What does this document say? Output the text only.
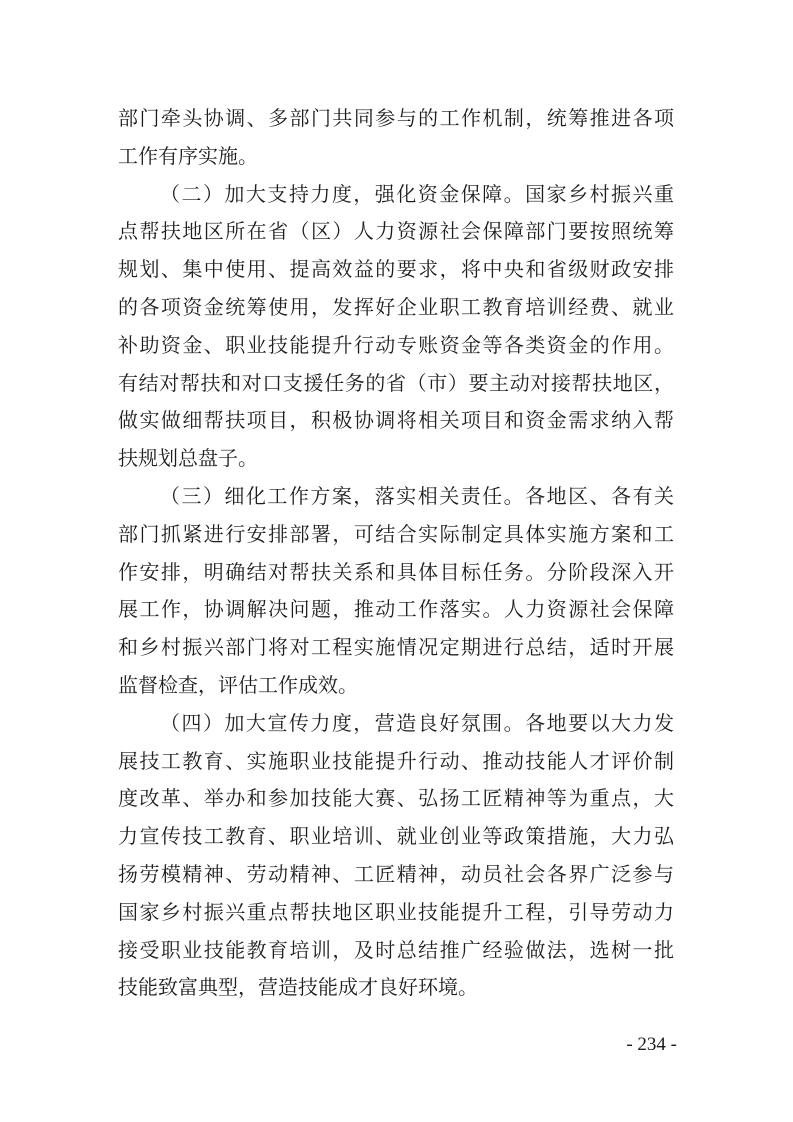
部门牵头协调、多部门共同参与的工作机制，统筹推进各项
工作有序实施。
（二）加大支持力度，强化资金保障。国家乡村振兴重
点帮扶地区所在省（区）人力资源社会保障部门要按照统筹
规划、集中使用、提高效益的要求，将中央和省级财政安排
的各项资金统筹使用，发挥好企业职工教育培训经费、就业
补助资金、职业技能提升行动专账资金等各类资金的作用。
有结对帮扶和对口支援任务的省（市）要主动对接帮扶地区，
做实做细帮扶项目，积极协调将相关项目和资金需求纳入帮
扶规划总盘子。
（三）细化工作方案，落实相关责任。各地区、各有关
部门抓紧进行安排部署，可结合实际制定具体实施方案和工
作安排，明确结对帮扶关系和具体目标任务。分阶段深入开
展工作，协调解决问题，推动工作落实。人力资源社会保障
和乡村振兴部门将对工程实施情况定期进行总结，适时开展
监督检查，评估工作成效。
（四）加大宣传力度，营造良好氛围。各地要以大力发
展技工教育、实施职业技能提升行动、推动技能人才评价制
度改革、举办和参加技能大赛、弘扬工匠精神等为重点，大
力宣传技工教育、职业培训、就业创业等政策措施，大力弘
扬劳模精神、劳动精神、工匠精神，动员社会各界广泛参与
国家乡村振兴重点帮扶地区职业技能提升工程，引导劳动力
接受职业技能教育培训，及时总结推广经验做法，选树一批
技能致富典型，营造技能成才良好环境。
- 234 -
